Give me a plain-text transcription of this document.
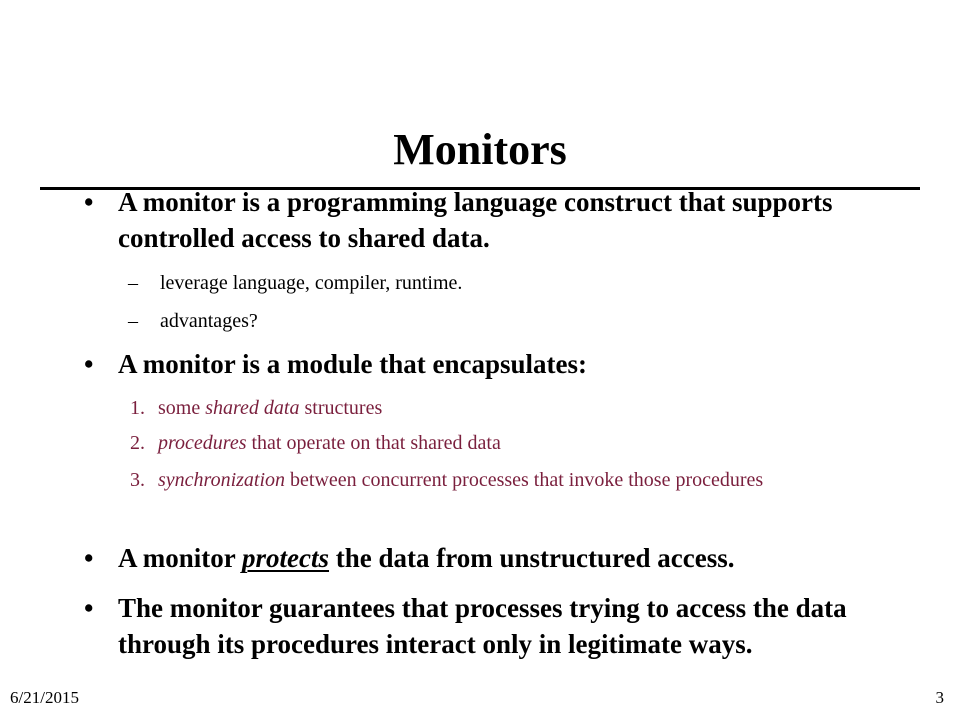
Monitors
• A monitor is a programming language construct that supports controlled access to shared data.
– leverage language, compiler, runtime.
– advantages?
• A monitor is a module that encapsulates:
1. some shared data structures
2. procedures that operate on that shared data
3. synchronization between concurrent processes that invoke those procedures
• A monitor protects the data from unstructured access.
• The monitor guarantees that processes trying to access the data through its procedures interact only in legitimate ways.
6/21/2015	3
